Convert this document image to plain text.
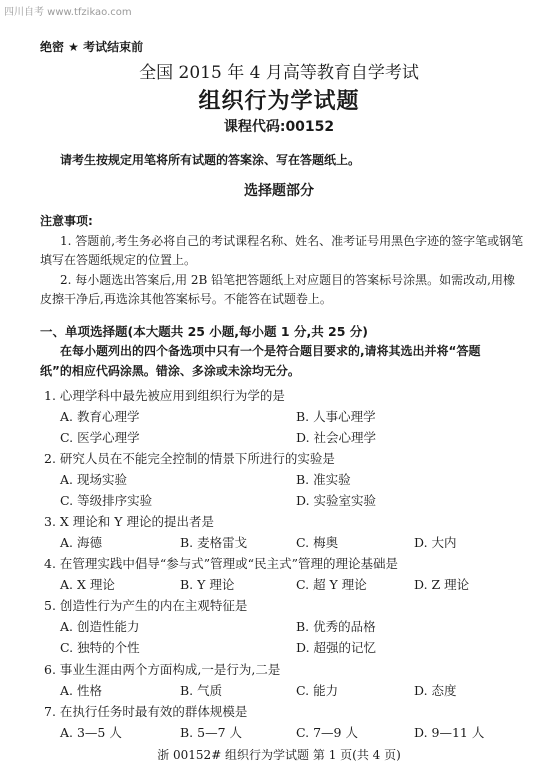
四川自考 www.tfzikao.com
绝密 ★ 考试结束前
全国 2015 年 4 月高等教育自学考试
组织行为学试题
课程代码:00152
请考生按规定用笔将所有试题的答案涂、写在答题纸上。
选择题部分
注意事项:
1. 答题前,考生务必将自己的考试课程名称、姓名、准考证号用黑色字迹的签字笔或钢笔
填写在答题纸规定的位置上。
2. 每小题选出答案后,用 2B 铅笔把答题纸上对应题目的答案标号涂黑。如需改动,用橡
皮擦干净后,再选涂其他答案标号。不能答在试题卷上。
一、单项选择题(本大题共 25 小题,每小题 1 分,共 25 分)
在每小题列出的四个备选项中只有一个是符合题目要求的,请将其选出并将“答题
纸”的相应代码涂黑。错涂、多涂或未涂均无分。
1. 心理学科中最先被应用到组织行为学的是
A. 教育心理学	B. 人事心理学
C. 医学心理学	D. 社会心理学
2. 研究人员在不能完全控制的情景下所进行的实验是
A. 现场实验	B. 准实验
C. 等级排序实验	D. 实验室实验
3. X 理论和 Y 理论的提出者是
A. 海德	B. 麦格雷戈	C. 梅奥	D. 大内
4. 在管理实践中倡导“参与式”管理或“民主式”管理的理论基础是
A. X 理论	B. Y 理论	C. 超 Y 理论	D. Z 理论
5. 创造性行为产生的内在主观特征是
A. 创造性能力	B. 优秀的品格
C. 独特的个性	D. 超强的记忆
6. 事业生涯由两个方面构成,一是行为,二是
A. 性格	B. 气质	C. 能力	D. 态度
7. 在执行任务时最有效的群体规模是
A. 3—5 人	B. 5—7 人	C. 7—9 人	D. 9—11 人
浙 00152# 组织行为学试题 第 1 页(共 4 页)
